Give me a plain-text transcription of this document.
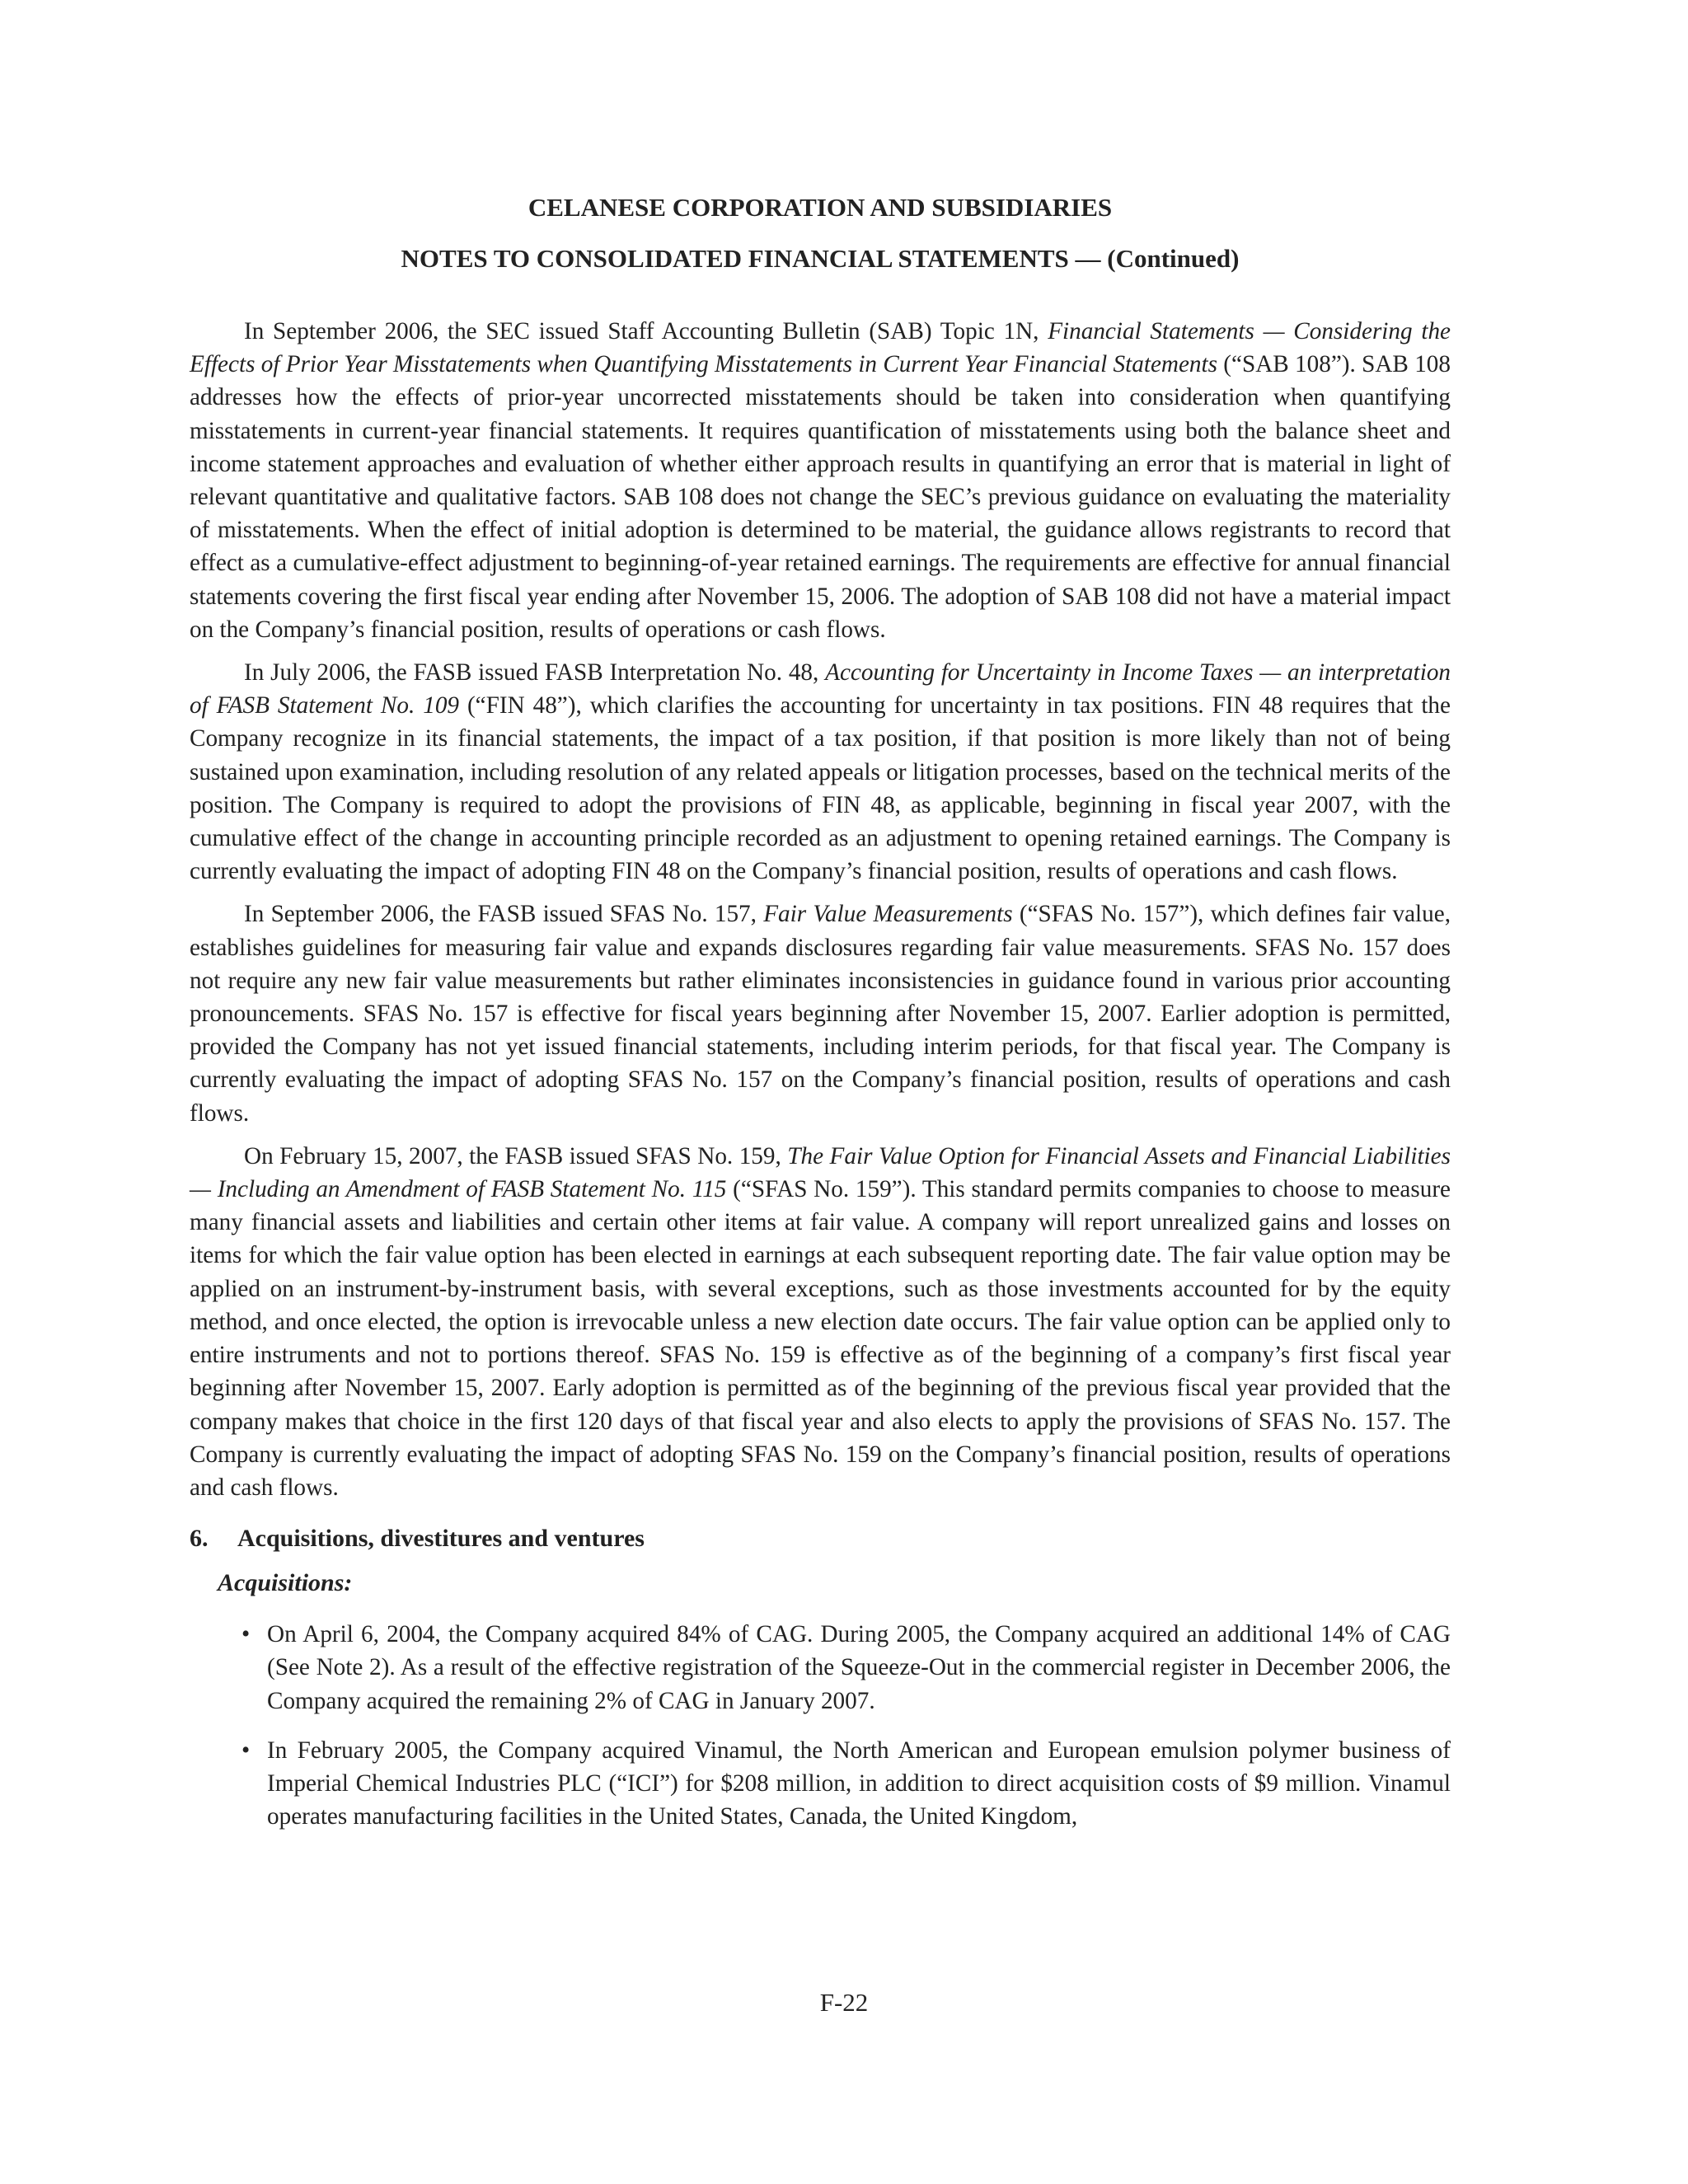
CELANESE CORPORATION AND SUBSIDIARIES

NOTES TO CONSOLIDATED FINANCIAL STATEMENTS — (Continued)

In September 2006, the SEC issued Staff Accounting Bulletin (SAB) Topic 1N, Financial Statements — Considering the Effects of Prior Year Misstatements when Quantifying Misstatements in Current Year Financial Statements (“SAB 108”). SAB 108 addresses how the effects of prior-year uncorrected misstatements should be taken into consideration when quantifying misstatements in current-year financial statements. It requires quantification of misstatements using both the balance sheet and income statement approaches and evaluation of whether either approach results in quantifying an error that is material in light of relevant quantitative and qualitative factors. SAB 108 does not change the SEC’s previous guidance on evaluating the materiality of misstatements. When the effect of initial adoption is determined to be material, the guidance allows registrants to record that effect as a cumulative-effect adjustment to beginning-of-year retained earnings. The requirements are effective for annual financial statements covering the first fiscal year ending after November 15, 2006. The adoption of SAB 108 did not have a material impact on the Company’s financial position, results of operations or cash flows.

In July 2006, the FASB issued FASB Interpretation No. 48, Accounting for Uncertainty in Income Taxes — an interpretation of FASB Statement No. 109 (“FIN 48”), which clarifies the accounting for uncertainty in tax positions. FIN 48 requires that the Company recognize in its financial statements, the impact of a tax position, if that position is more likely than not of being sustained upon examination, including resolution of any related appeals or litigation processes, based on the technical merits of the position. The Company is required to adopt the provisions of FIN 48, as applicable, beginning in fiscal year 2007, with the cumulative effect of the change in accounting principle recorded as an adjustment to opening retained earnings. The Company is currently evaluating the impact of adopting FIN 48 on the Company’s financial position, results of operations and cash flows.

In September 2006, the FASB issued SFAS No. 157, Fair Value Measurements (“SFAS No. 157”), which defines fair value, establishes guidelines for measuring fair value and expands disclosures regarding fair value measurements. SFAS No. 157 does not require any new fair value measurements but rather eliminates inconsistencies in guidance found in various prior accounting pronouncements. SFAS No. 157 is effective for fiscal years beginning after November 15, 2007. Earlier adoption is permitted, provided the Company has not yet issued financial statements, including interim periods, for that fiscal year. The Company is currently evaluating the impact of adopting SFAS No. 157 on the Company’s financial position, results of operations and cash flows.

On February 15, 2007, the FASB issued SFAS No. 159, The Fair Value Option for Financial Assets and Financial Liabilities — Including an Amendment of FASB Statement No. 115 (“SFAS No. 159”). This standard permits companies to choose to measure many financial assets and liabilities and certain other items at fair value. A company will report unrealized gains and losses on items for which the fair value option has been elected in earnings at each subsequent reporting date. The fair value option may be applied on an instrument-by-instrument basis, with several exceptions, such as those investments accounted for by the equity method, and once elected, the option is irrevocable unless a new election date occurs. The fair value option can be applied only to entire instruments and not to portions thereof. SFAS No. 159 is effective as of the beginning of a company’s first fiscal year beginning after November 15, 2007. Early adoption is permitted as of the beginning of the previous fiscal year provided that the company makes that choice in the first 120 days of that fiscal year and also elects to apply the provisions of SFAS No. 157. The Company is currently evaluating the impact of adopting SFAS No. 159 on the Company’s financial position, results of operations and cash flows.

6. Acquisitions, divestitures and ventures

Acquisitions:

• On April 6, 2004, the Company acquired 84% of CAG. During 2005, the Company acquired an additional 14% of CAG (See Note 2). As a result of the effective registration of the Squeeze-Out in the commercial register in December 2006, the Company acquired the remaining 2% of CAG in January 2007.
• In February 2005, the Company acquired Vinamul, the North American and European emulsion polymer business of Imperial Chemical Industries PLC (“ICI”) for $208 million, in addition to direct acquisition costs of $9 million. Vinamul operates manufacturing facilities in the United States, Canada, the United Kingdom,
F-22
